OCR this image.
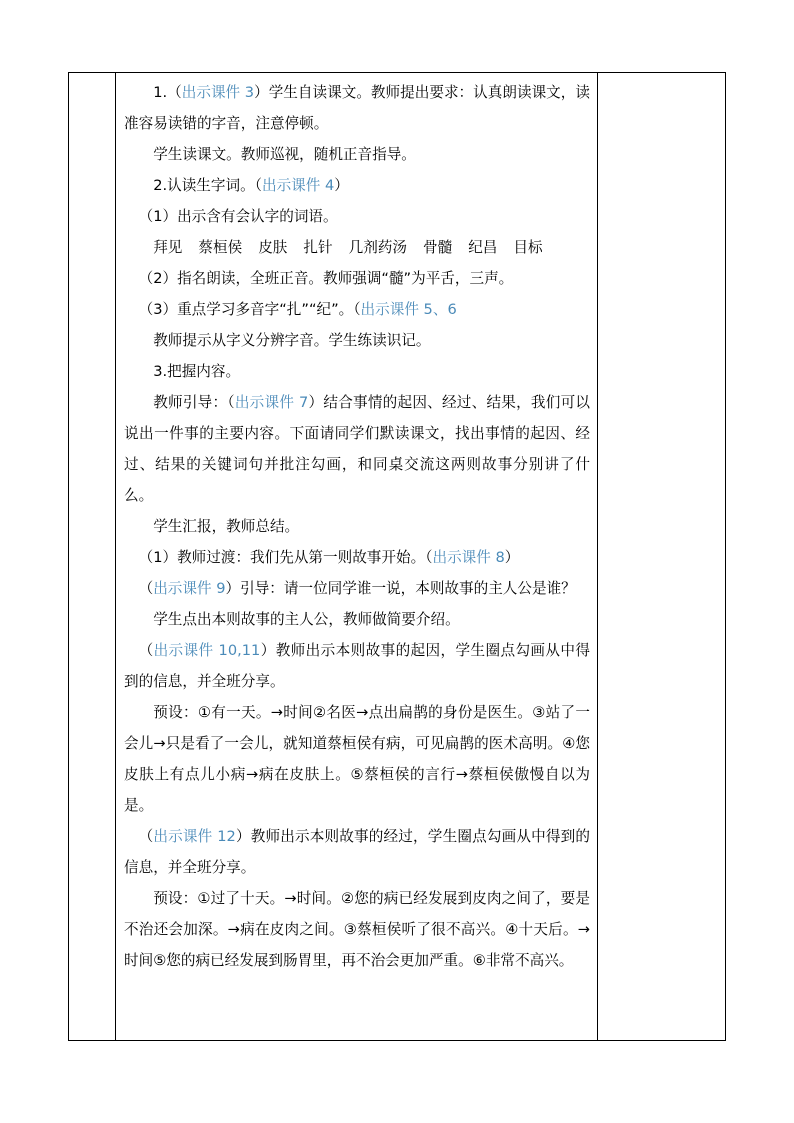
1.（出示课件 3）学生自读课文。教师提出要求：认真朗读课文，读准容易读错的字音，注意停顿。

学生读课文。教师巡视，随机正音指导。

2.认读生字词。（出示课件 4）

（1）出示含有会认字的词语。

拜见 蔡桓侯 皮肤 扎针 几剂药汤 骨髓 纪昌 目标

（2）指名朗读，全班正音。教师强调“髓”为平舌，三声。

（3）重点学习多音字“扎”“纪”。（出示课件 5、6

教师提示从字义分辨字音。学生练读识记。

3.把握内容。

教师引导：（出示课件 7）结合事情的起因、经过、结果，我们可以说出一件事的主要内容。下面请同学们默读课文，找出事情的起因、经过、结果的关键词句并批注勾画，和同桌交流这两则故事分别讲了什么。

学生汇报，教师总结。

（1）教师过渡：我们先从第一则故事开始。（出示课件 8）

（出示课件 9）引导：请一位同学谁一说，本则故事的主人公是谁？

学生点出本则故事的主人公，教师做简要介绍。

（出示课件 10,11）教师出示本则故事的起因，学生圈点勾画从中得到的信息，并全班分享。

预设：①有一天。→时间②名医→点出扁鹊的身份是医生。③站了一会儿→只是看了一会儿，就知道蔡桓侯有病，可见扁鹊的医术高明。④您皮肤上有点儿小病→病在皮肤上。⑤蔡桓侯的言行→蔡桓侯傲慢自以为是。

（出示课件 12）教师出示本则故事的经过，学生圈点勾画从中得到的信息，并全班分享。

预设：①过了十天。→时间。②您的病已经发展到皮肉之间了，要是不治还会加深。→病在皮肉之间。③蔡桓侯听了很不高兴。④十天后。→时间⑤您的病已经发展到肠胃里，再不治会更加严重。⑥非常不高兴。
